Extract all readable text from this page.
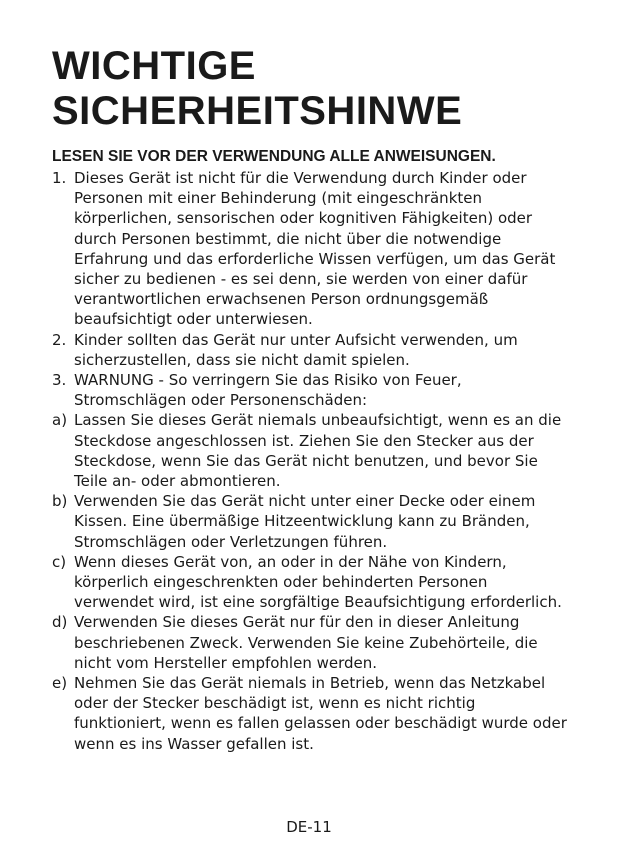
WICHTIGE
SICHERHEITSHINWE
LESEN SIE VOR DER VERWENDUNG ALLE ANWEISUNGEN.
1. Dieses Gerät ist nicht für die Verwendung durch Kinder oder Personen mit einer Behinderung (mit eingeschränkten körperlichen, sensorischen oder kognitiven Fähigkeiten) oder durch Personen bestimmt, die nicht über die notwendige Erfahrung und das erforderliche Wissen verfügen, um das Gerät sicher zu bedienen - es sei denn, sie werden von einer dafür verantwortlichen erwachsenen Person ordnungsgemäß beaufsichtigt oder unterwiesen.
2. Kinder sollten das Gerät nur unter Aufsicht verwenden, um sicherzustellen, dass sie nicht damit spielen.
3. WARNUNG - So verringern Sie das Risiko von Feuer, Stromschlägen oder Personenschäden:
a) Lassen Sie dieses Gerät niemals unbeaufsichtigt, wenn es an die Steckdose angeschlossen ist. Ziehen Sie den Stecker aus der Steckdose, wenn Sie das Gerät nicht benutzen, und bevor Sie Teile an- oder abmontieren.
b) Verwenden Sie das Gerät nicht unter einer Decke oder einem Kissen. Eine übermäßige Hitzeentwicklung kann zu Bränden, Stromschlägen oder Verletzungen führen.
c) Wenn dieses Gerät von, an oder in der Nähe von Kindern, körperlich eingeschrenkten oder behinderten Personen verwendet wird, ist eine sorgfältige Beaufsichtigung erforderlich.
d) Verwenden Sie dieses Gerät nur für den in dieser Anleitung beschriebenen Zweck. Verwenden Sie keine Zubehörteile, die nicht vom Hersteller empfohlen werden.
e) Nehmen Sie das Gerät niemals in Betrieb, wenn das Netzkabel oder der Stecker beschädigt ist, wenn es nicht richtig funktioniert, wenn es fallen gelassen oder beschädigt wurde oder wenn es ins Wasser gefallen ist.
DE-11
